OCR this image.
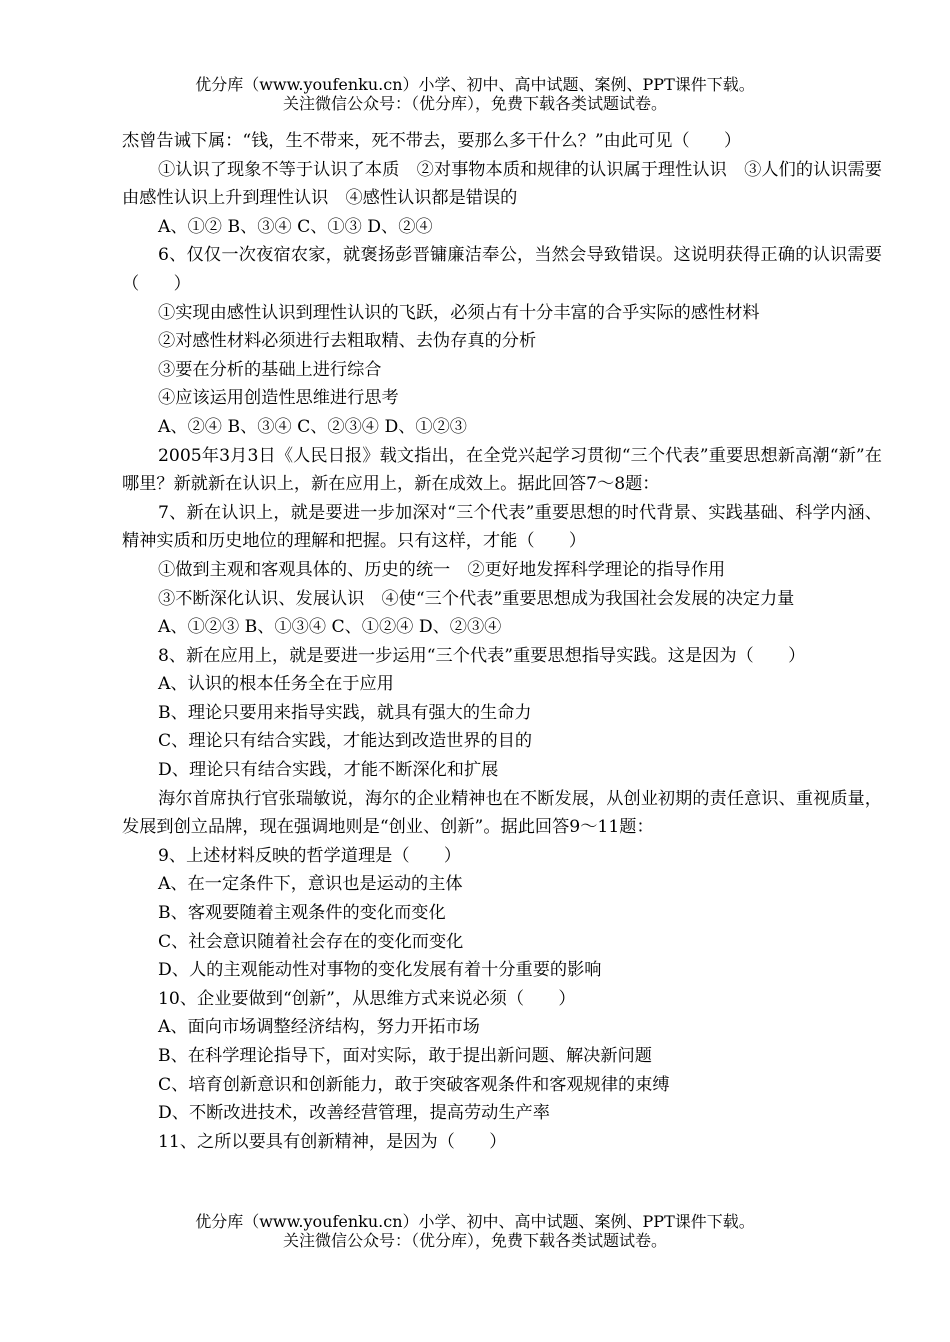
优分库（www.youfenku.cn）小学、初中、高中试题、案例、PPT课件下载。
关注微信公众号：（优分库），免费下载各类试题试卷。

杰曾告诫下属：“钱，生不带来，死不带去，要那么多干什么？”由此可见（　　）

①认识了现象不等于认识了本质　②对事物本质和规律的认识属于理性认识　③人们的认识需要由感性认识上升到理性认识　④感性认识都是错误的

A、①② B、③④ C、①③ D、②④

6、仅仅一次夜宿农家，就褒扬彭晋镛廉洁奉公，当然会导致错误。这说明获得正确的认识需要（　　）

①实现由感性认识到理性认识的飞跃，必须占有十分丰富的合乎实际的感性材料

②对感性材料必须进行去粗取精、去伪存真的分析

③要在分析的基础上进行综合

④应该运用创造性思维进行思考

A、②④ B、③④ C、②③④ D、①②③

2005年3月3日《人民日报》载文指出，在全党兴起学习贯彻“三个代表”重要思想新高潮“新”在哪里？新就新在认识上，新在应用上，新在成效上。据此回答7～8题：

7、新在认识上，就是要进一步加深对“三个代表”重要思想的时代背景、实践基础、科学内涵、精神实质和历史地位的理解和把握。只有这样，才能（　　）

①做到主观和客观具体的、历史的统一　②更好地发挥科学理论的指导作用

③不断深化认识、发展认识　④使“三个代表”重要思想成为我国社会发展的决定力量

A、①②③ B、①③④ C、①②④ D、②③④

8、新在应用上，就是要进一步运用“三个代表”重要思想指导实践。这是因为（　　）

A、认识的根本任务全在于应用

B、理论只要用来指导实践，就具有强大的生命力

C、理论只有结合实践，才能达到改造世界的目的

D、理论只有结合实践，才能不断深化和扩展

海尔首席执行官张瑞敏说，海尔的企业精神也在不断发展，从创业初期的责任意识、重视质量，发展到创立品牌，现在强调地则是“创业、创新”。据此回答9～11题：

9、上述材料反映的哲学道理是（　　）

A、在一定条件下，意识也是运动的主体

B、客观要随着主观条件的变化而变化

C、社会意识随着社会存在的变化而变化

D、人的主观能动性对事物的变化发展有着十分重要的影响

10、企业要做到“创新”，从思维方式来说必须（　　）

A、面向市场调整经济结构，努力开拓市场

B、在科学理论指导下，面对实际，敢于提出新问题、解决新问题

C、培育创新意识和创新能力，敢于突破客观条件和客观规律的束缚

D、不断改进技术，改善经营管理，提高劳动生产率

11、之所以要具有创新精神，是因为（　　）

优分库（www.youfenku.cn）小学、初中、高中试题、案例、PPT课件下载。
关注微信公众号：（优分库），免费下载各类试题试卷。
